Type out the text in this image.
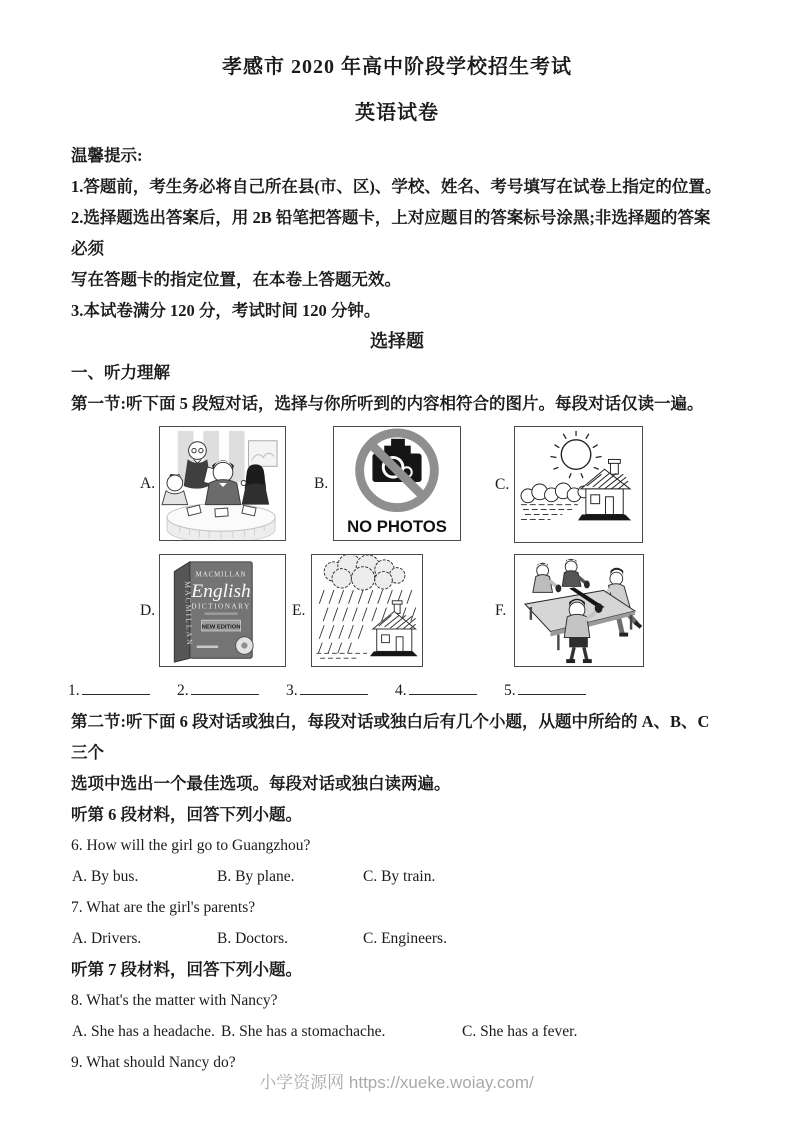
孝感市 2020 年高中阶段学校招生考试

英语试卷

温馨提示:

1.答题前，考生务必将自己所在县(市、区)、学校、姓名、考号填写在试卷上指定的位置。

2.选择题选出答案后，用 2B 铅笔把答题卡，上对应题目的答案标号涂黑;非选择题的答案必须

写在答题卡的指定位置，在本卷上答题无效。

3.本试卷满分 120 分，考试时间 120 分钟。

选择题

一、听力理解

第一节:听下面 5 段短对话，选择与你所听到的内容相符合的图片。每段对话仅读一遍。

A.	B.
NO PHOTOS
C.
D.	MACMILLAN
MACMILLAN
English
DICTIONARY
NEW EDITION
E.	F.
1.	2.	3.	4.	5.

第二节:听下面 6 段对话或独白，每段对话或独白后有几个小题，从题中所给的 A、B、C 三个

选项中选出一个最佳选项。每段对话或独白读两遍。

听第 6 段材料，回答下列小题。

6. How will the girl go to Guangzhou?

A. By bus.	B. By plane.	C. By train.

7. What are the girl's parents?

A. Drivers.	B. Doctors.	C. Engineers.

听第 7 段材料，回答下列小题。

8. What's the matter with Nancy?

A. She has a headache. B. She has a stomachache.	C. She has a fever.

9. What should Nancy do?

小学资源网 https://xueke.woiay.com/
